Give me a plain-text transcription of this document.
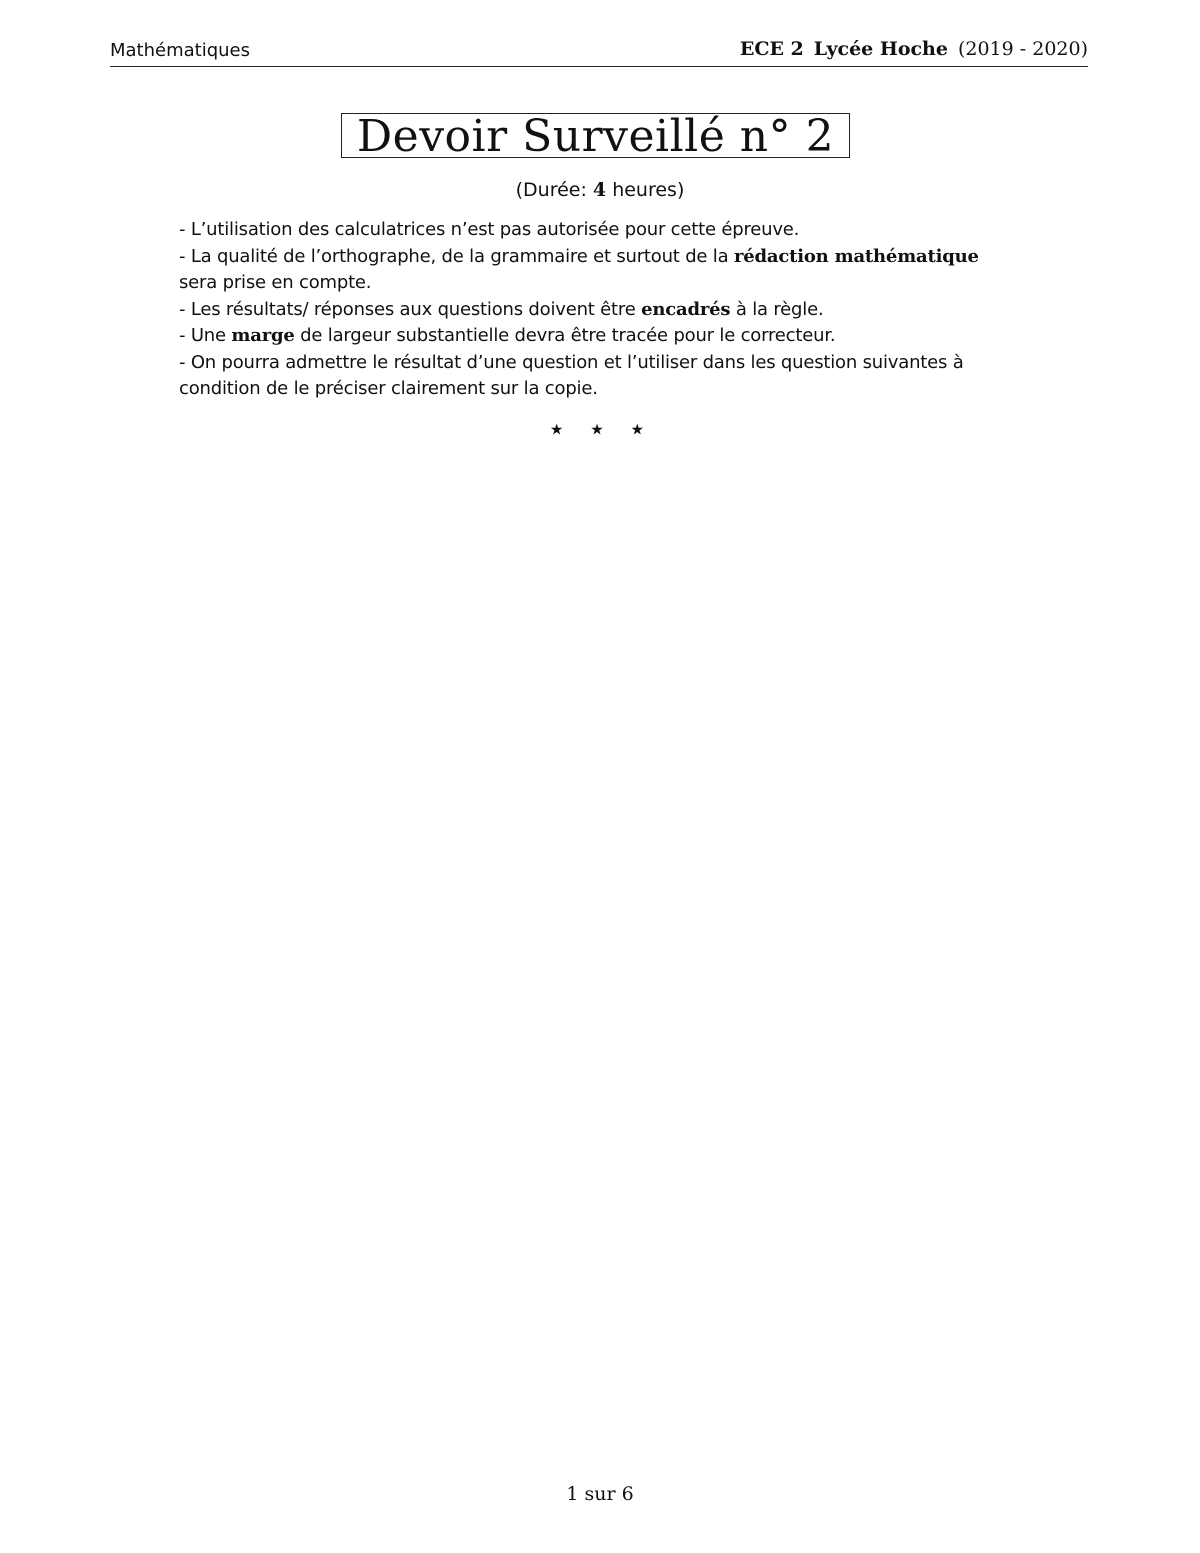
Mathématiques	ECE 2 Lycée Hoche (2019 - 2020)
Devoir Surveillé n° 2
(Durée: 4 heures)

- L’utilisation des calculatrices n’est pas autorisée pour cette épreuve.

- La qualité de l’orthographe, de la grammaire et surtout de la rédaction mathématique sera prise en compte.

- Les résultats/ réponses aux questions doivent être encadrés à la règle.

- Une marge de largeur substantielle devra être tracée pour le correcteur.

- On pourra admettre le résultat d’une question et l’utiliser dans les question suivantes à condition de le préciser clairement sur la copie.

⋆ ⋆ ⋆
1 sur 6
